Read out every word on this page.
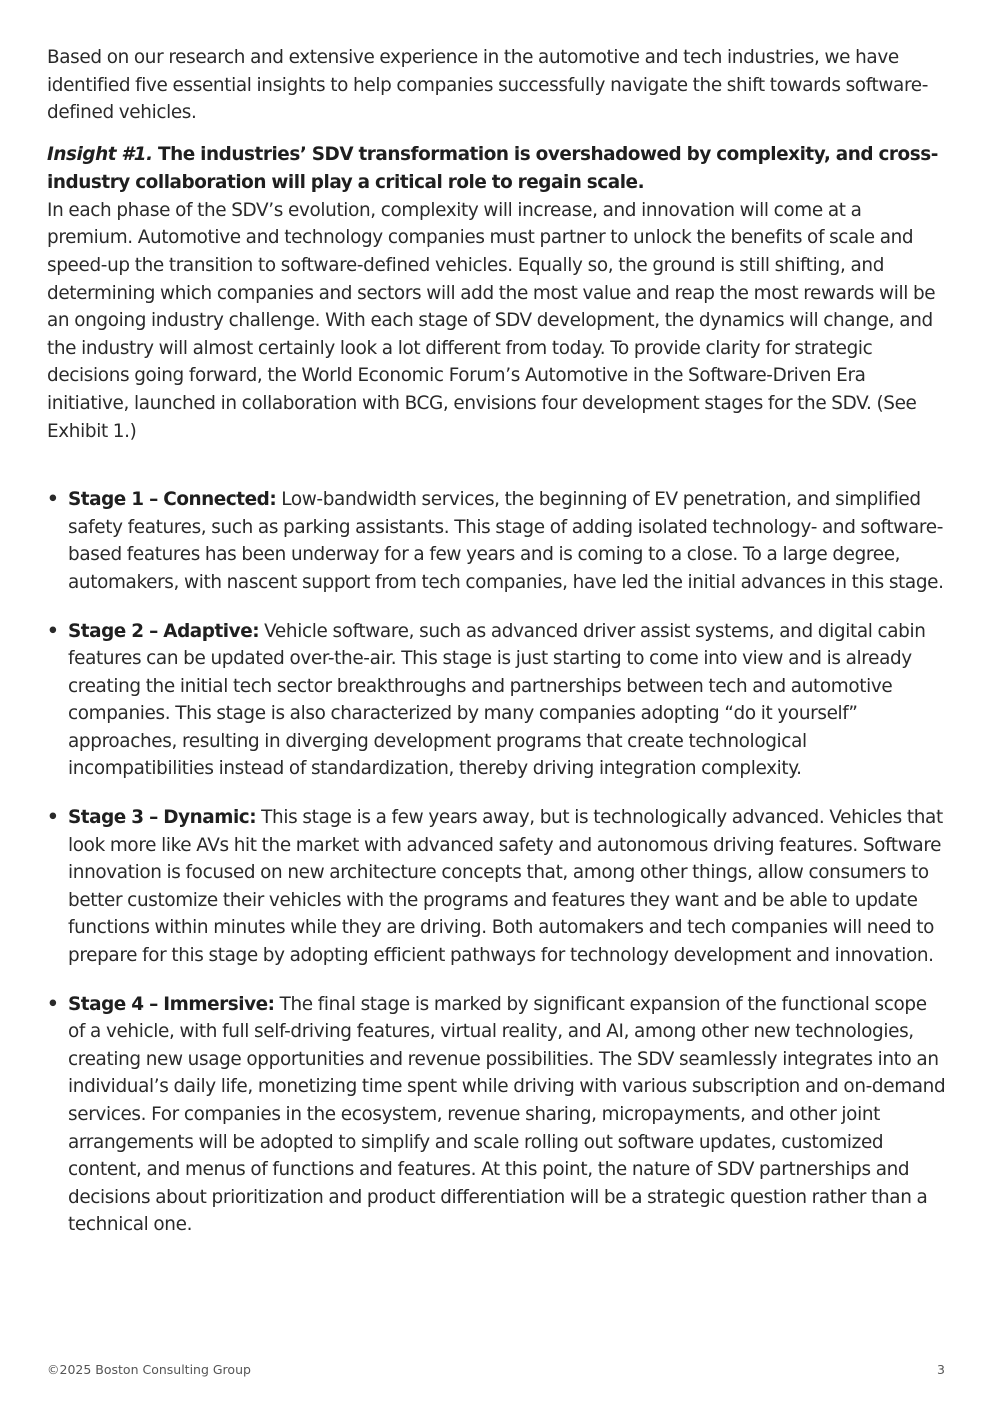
Based on our research and extensive experience in the automotive and tech industries, we have identified five essential insights to help companies successfully navigate the shift towards software-defined vehicles.

Insight #1. The industries’ SDV transformation is overshadowed by complexity, and cross-industry collaboration will play a critical role to regain scale.

In each phase of the SDV’s evolution, complexity will increase, and innovation will come at a premium. Automotive and technology companies must partner to unlock the benefits of scale and speed-up the transition to software-defined vehicles. Equally so, the ground is still shifting, and determining which companies and sectors will add the most value and reap the most rewards will be an ongoing industry challenge. With each stage of SDV development, the dynamics will change, and the industry will almost certainly look a lot different from today. To provide clarity for strategic decisions going forward, the World Economic Forum’s Automotive in the Software-Driven Era initiative, launched in collaboration with BCG, envisions four development stages for the SDV. (See Exhibit 1.)

• Stage 1 – Connected: Low-bandwidth services, the beginning of EV penetration, and simplified safety features, such as parking assistants. This stage of adding isolated technology- and software-based features has been underway for a few years and is coming to a close. To a large degree, automakers, with nascent support from tech companies, have led the initial advances in this stage.
• Stage 2 – Adaptive: Vehicle software, such as advanced driver assist systems, and digital cabin features can be updated over-the-air. This stage is just starting to come into view and is already creating the initial tech sector breakthroughs and partnerships between tech and automotive companies. This stage is also characterized by many companies adopting “do it yourself” approaches, resulting in diverging development programs that create technological incompatibilities instead of standardization, thereby driving integration complexity.
• Stage 3 – Dynamic: This stage is a few years away, but is technologically advanced. Vehicles that look more like AVs hit the market with advanced safety and autonomous driving features. Software innovation is focused on new architecture concepts that, among other things, allow consumers to better customize their vehicles with the programs and features they want and be able to update functions within minutes while they are driving. Both automakers and tech companies will need to prepare for this stage by adopting efficient pathways for technology development and innovation.
• Stage 4 – Immersive: The final stage is marked by significant expansion of the functional scope of a vehicle, with full self-driving features, virtual reality, and AI, among other new technologies, creating new usage opportunities and revenue possibilities. The SDV seamlessly integrates into an individual’s daily life, monetizing time spent while driving with various subscription and on-demand services. For companies in the ecosystem, revenue sharing, micropayments, and other joint arrangements will be adopted to simplify and scale rolling out software updates, customized content, and menus of functions and features. At this point, the nature of SDV partnerships and decisions about prioritization and product differentiation will be a strategic question rather than a technical one.
©2025 Boston Consulting Group	3
